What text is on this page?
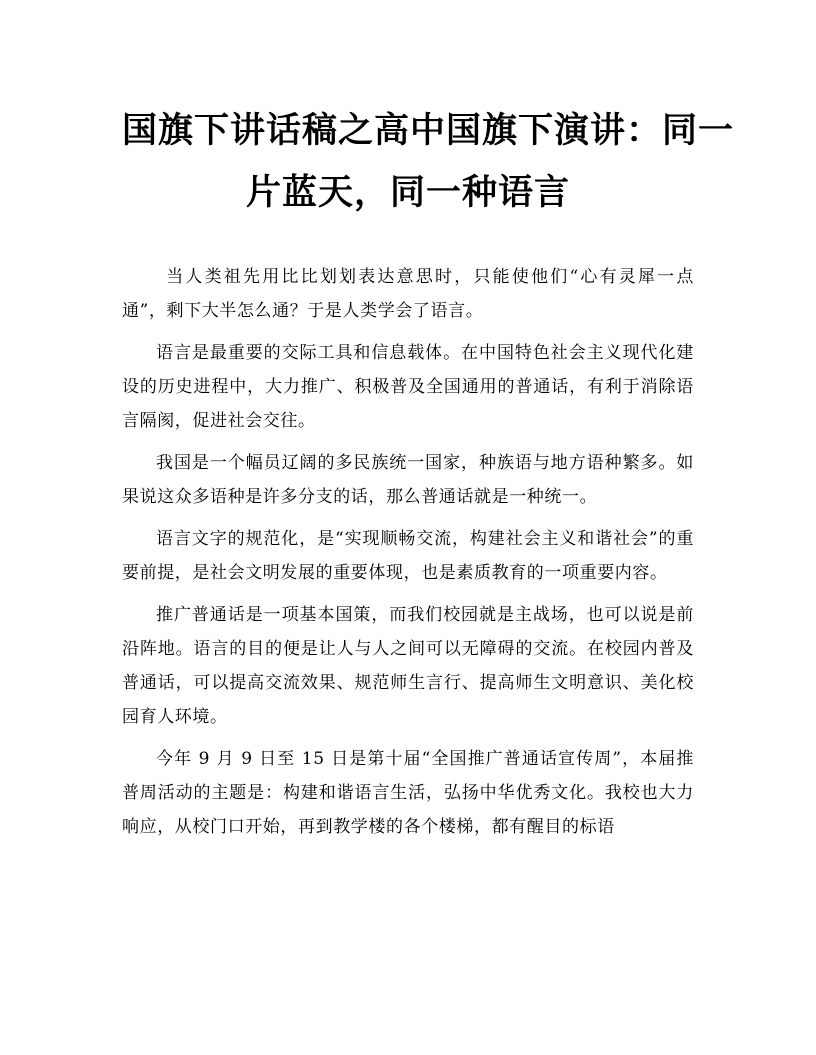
国旗下讲话稿之高中国旗下演讲：同一
片蓝天，同一种语言

当人类祖先用比比划划表达意思时，只能使他们“心有灵犀一点通”，剩下大半怎么通？于是人类学会了语言。

语言是最重要的交际工具和信息载体。在中国特色社会主义现代化建设的历史进程中，大力推广、积极普及全国通用的普通话，有利于消除语言隔阂，促进社会交往。

我国是一个幅员辽阔的多民族统一国家，种族语与地方语种繁多。如果说这众多语种是许多分支的话，那么普通话就是一种统一。

语言文字的规范化，是“实现顺畅交流，构建社会主义和谐社会”的重要前提，是社会文明发展的重要体现，也是素质教育的一项重要内容。

推广普通话是一项基本国策，而我们校园就是主战场，也可以说是前沿阵地。语言的目的便是让人与人之间可以无障碍的交流。在校园内普及普通话，可以提高交流效果、规范师生言行、提高师生文明意识、美化校园育人环境。

今年 9 月 9 日至 15 日是第十届“全国推广普通话宣传周”，本届推普周活动的主题是：构建和谐语言生活，弘扬中华优秀文化。我校也大力响应，从校门口开始，再到教学楼的各个楼梯，都有醒目的标语
